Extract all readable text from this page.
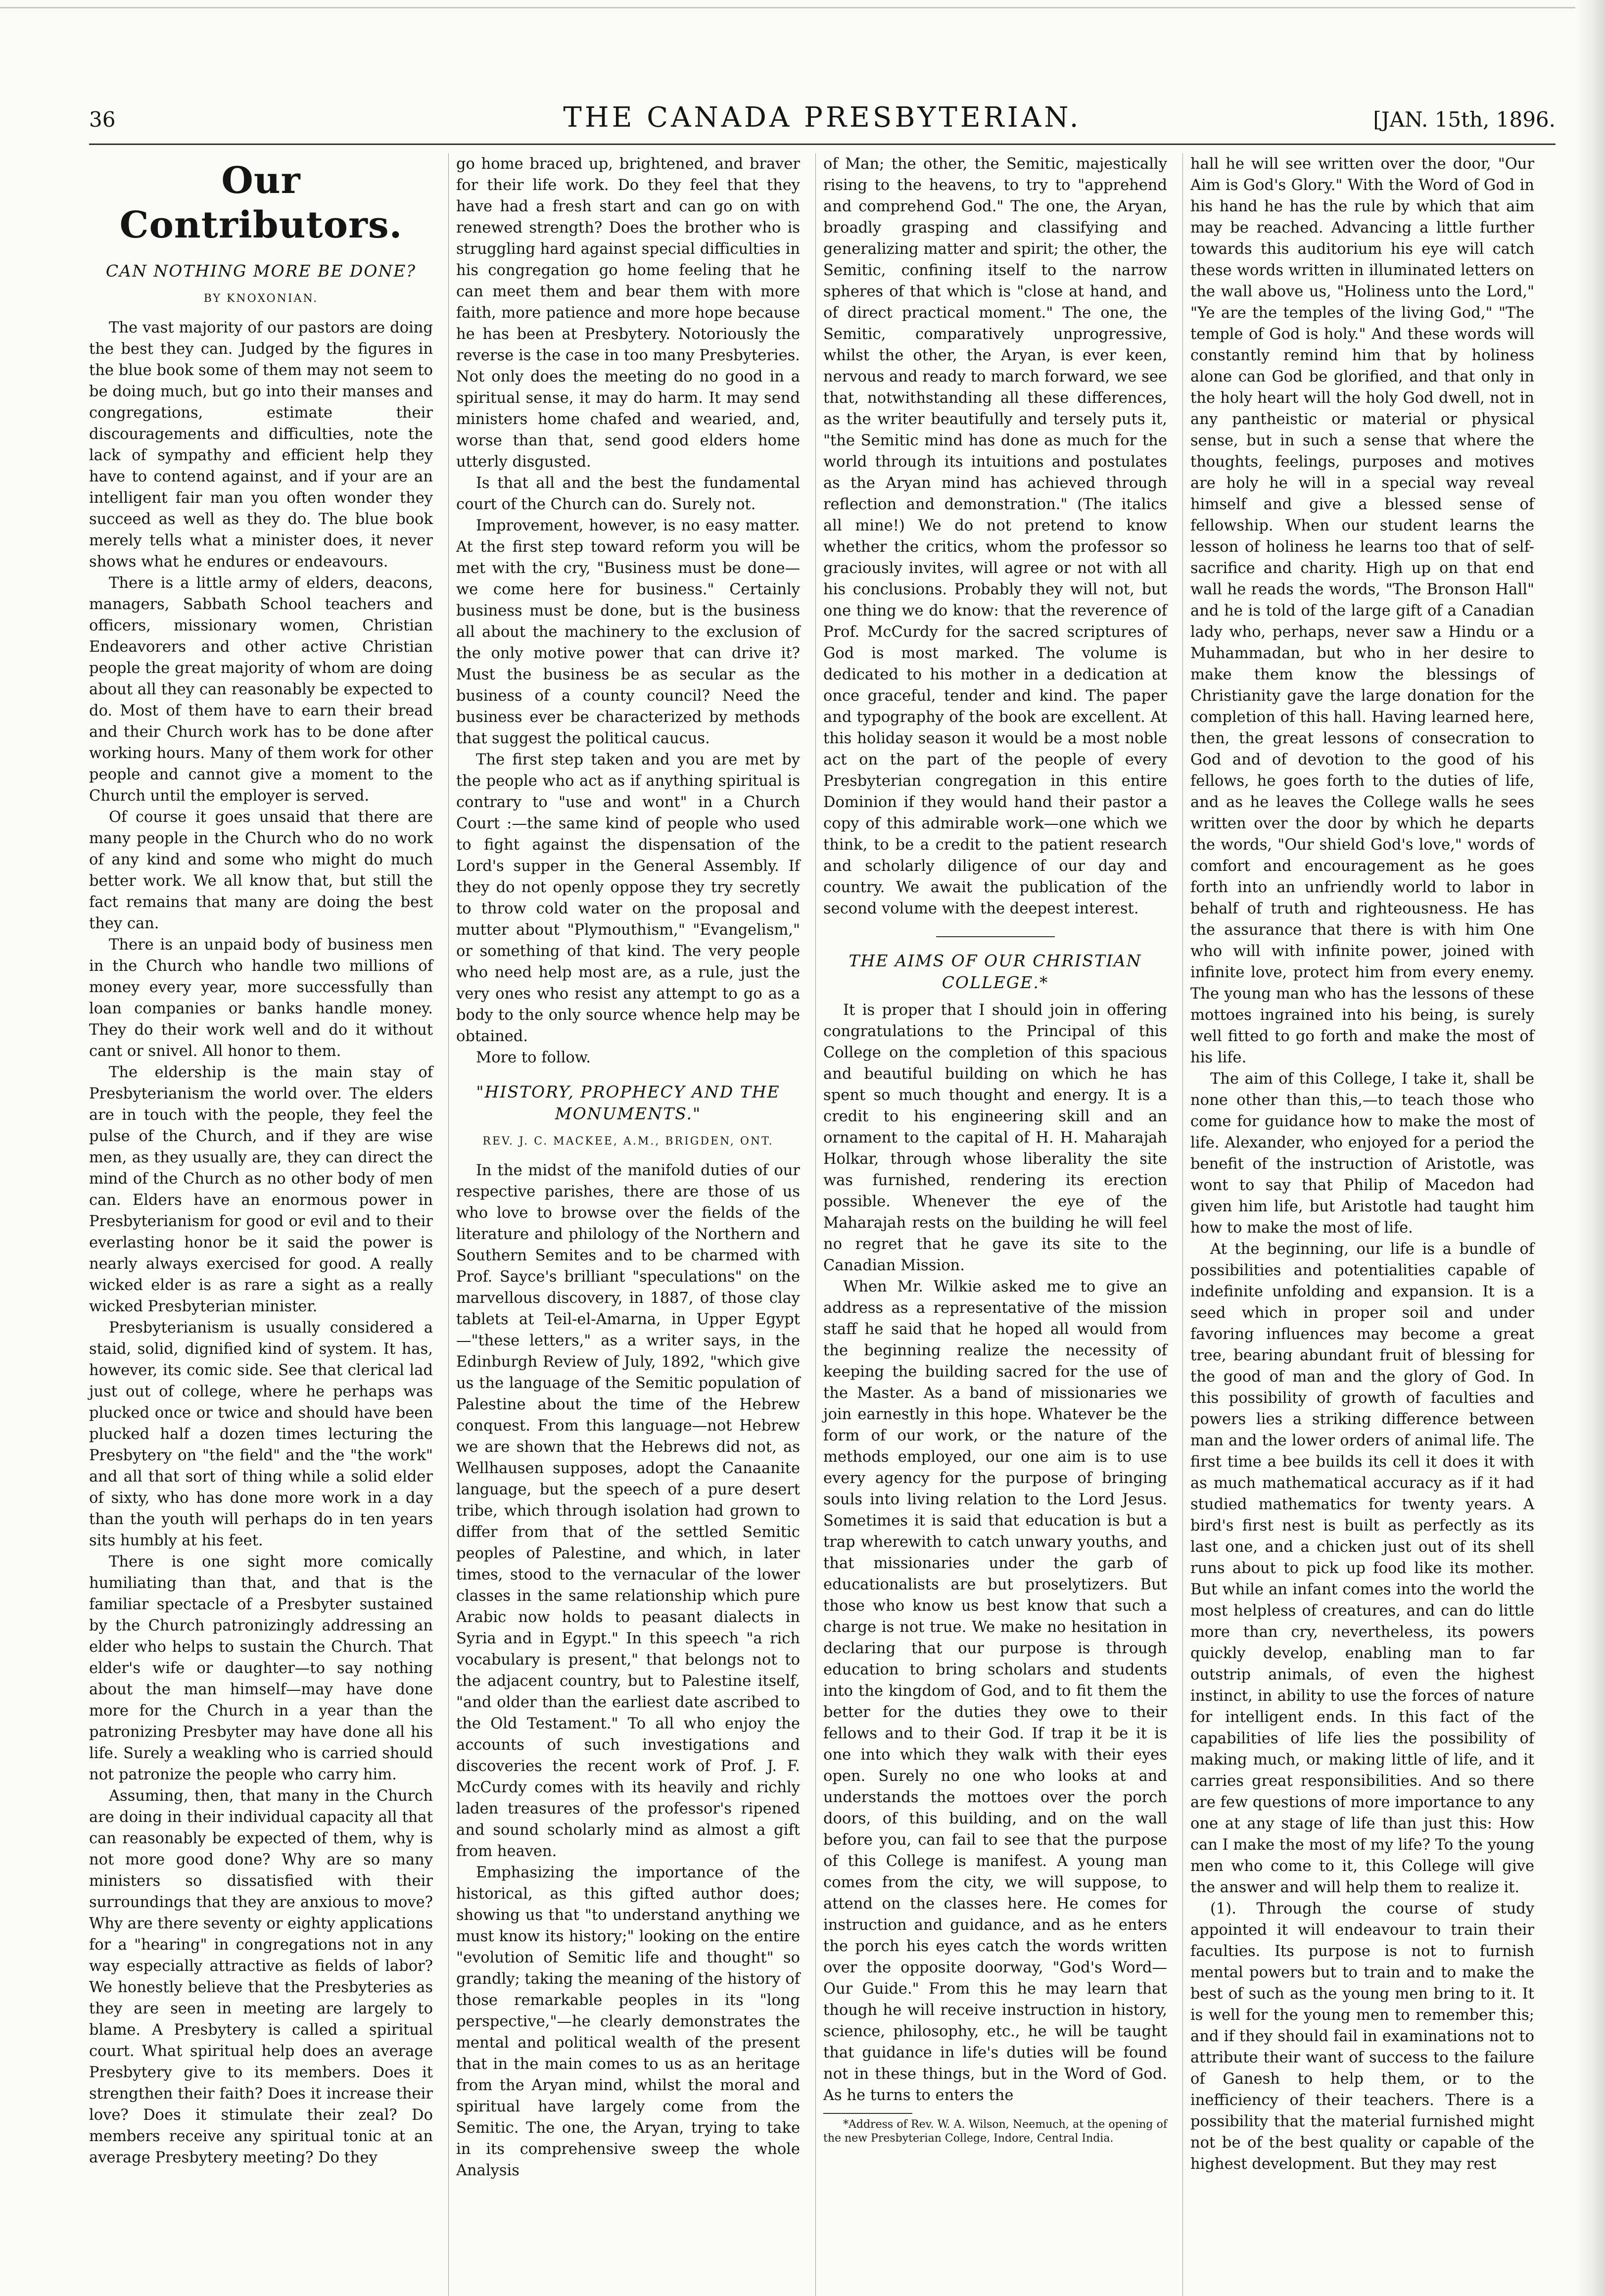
36	THE CANADA PRESBYTERIAN.	[JAN. 15th, 1896.
Our Contributors.
CAN NOTHING MORE BE DONE?
BY KNOXONIAN.

The vast majority of our pastors are doing the best they can. Judged by the figures in the blue book some of them may not seem to be doing much, but go into their manses and congregations, estimate their discouragements and difficulties, note the lack of sympathy and efficient help they have to contend against, and if your are an intelligent fair man you often wonder they succeed as well as they do. The blue book merely tells what a minister does, it never shows what he endures or endeavours.

There is a little army of elders, deacons, managers, Sabbath School teachers and officers, missionary women, Christian Endeavorers and other active Christian people the great majority of whom are doing about all they can reasonably be expected to do. Most of them have to earn their bread and their Church work has to be done after working hours. Many of them work for other people and cannot give a moment to the Church until the employer is served.

Of course it goes unsaid that there are many people in the Church who do no work of any kind and some who might do much better work. We all know that, but still the fact remains that many are doing the best they can.

There is an unpaid body of business men in the Church who handle two millions of money every year, more successfully than loan companies or banks handle money. They do their work well and do it without cant or snivel. All honor to them.

The eldership is the main stay of Presbyterianism the world over. The elders are in touch with the people, they feel the pulse of the Church, and if they are wise men, as they usually are, they can direct the mind of the Church as no other body of men can. Elders have an enormous power in Presbyterianism for good or evil and to their everlasting honor be it said the power is nearly always exercised for good. A really wicked elder is as rare a sight as a really wicked Presbyterian minister.

Presbyterianism is usually considered a staid, solid, dignified kind of system. It has, however, its comic side. See that clerical lad just out of college, where he perhaps was plucked once or twice and should have been plucked half a dozen times lecturing the Presbytery on "the field" and the "the work" and all that sort of thing while a solid elder of sixty, who has done more work in a day than the youth will perhaps do in ten years sits humbly at his feet.

There is one sight more comically humiliating than that, and that is the familiar spectacle of a Presbyter sustained by the Church patronizingly addressing an elder who helps to sustain the Church. That elder's wife or daughter—to say nothing about the man himself—may have done more for the Church in a year than the patronizing Presbyter may have done all his life. Surely a weakling who is carried should not patronize the people who carry him.

Assuming, then, that many in the Church are doing in their individual capacity all that can reasonably be expected of them, why is not more good done? Why are so many ministers so dissatisfied with their surroundings that they are anxious to move? Why are there seventy or eighty applications for a "hearing" in congregations not in any way especially attractive as fields of labor? We honestly believe that the Presbyteries as they are seen in meeting are largely to blame. A Presbytery is called a spiritual court. What spiritual help does an average Presbytery give to its members. Does it strengthen their faith? Does it increase their love? Does it stimulate their zeal? Do members receive any spiritual tonic at an average Presbytery meeting? Do they

go home braced up, brightened, and braver for their life work. Do they feel that they have had a fresh start and can go on with renewed strength? Does the brother who is struggling hard against special difficulties in his congregation go home feeling that he can meet them and bear them with more faith, more patience and more hope because he has been at Presbytery. Notoriously the reverse is the case in too many Presbyteries. Not only does the meeting do no good in a spiritual sense, it may do harm. It may send ministers home chafed and wearied, and, worse than that, send good elders home utterly disgusted.

Is that all and the best the fundamental court of the Church can do. Surely not.

Improvement, however, is no easy matter. At the first step toward reform you will be met with the cry, "Business must be done—we come here for business." Certainly business must be done, but is the business all about the machinery to the exclusion of the only motive power that can drive it? Must the business be as secular as the business of a county council? Need the business ever be characterized by methods that suggest the political caucus.

The first step taken and you are met by the people who act as if anything spiritual is contrary to "use and wont" in a Church Court :—the same kind of people who used to fight against the dispensation of the Lord's supper in the General Assembly. If they do not openly oppose they try secretly to throw cold water on the proposal and mutter about "Plymouthism," "Evangelism," or something of that kind. The very people who need help most are, as a rule, just the very ones who resist any attempt to go as a body to the only source whence help may be obtained.

More to follow.

"HISTORY, PROPHECY AND THE MONUMENTS."
REV. J. C. MACKEE, A.M., BRIGDEN, ONT.

In the midst of the manifold duties of our respective parishes, there are those of us who love to browse over the fields of the literature and philology of the Northern and Southern Semites and to be charmed with Prof. Sayce's brilliant "speculations" on the marvellous discovery, in 1887, of those clay tablets at Teil-el-Amarna, in Upper Egypt—"these letters," as a writer says, in the Edinburgh Review of July, 1892, "which give us the language of the Semitic population of Palestine about the time of the Hebrew conquest. From this language—not Hebrew we are shown that the Hebrews did not, as Wellhausen supposes, adopt the Canaanite language, but the speech of a pure desert tribe, which through isolation had grown to differ from that of the settled Semitic peoples of Palestine, and which, in later times, stood to the vernacular of the lower classes in the same relationship which pure Arabic now holds to peasant dialects in Syria and in Egypt." In this speech "a rich vocabulary is present," that belongs not to the adjacent country, but to Palestine itself, "and older than the earliest date ascribed to the Old Testament." To all who enjoy the accounts of such investigations and discoveries the recent work of Prof. J. F. McCurdy comes with its heavily and richly laden treasures of the professor's ripened and sound scholarly mind as almost a gift from heaven.

Emphasizing the importance of the historical, as this gifted author does; showing us that "to understand anything we must know its history;" looking on the entire "evolution of Semitic life and thought" so grandly; taking the meaning of the history of those remarkable peoples in its "long perspective,"—he clearly demonstrates the mental and political wealth of the present that in the main comes to us as an heritage from the Aryan mind, whilst the moral and spiritual have largely come from the Semitic. The one, the Aryan, trying to take in its comprehensive sweep the whole Analysis

of Man; the other, the Semitic, majestically rising to the heavens, to try to "apprehend and comprehend God." The one, the Aryan, broadly grasping and classifying and generalizing matter and spirit; the other, the Semitic, confining itself to the narrow spheres of that which is "close at hand, and of direct practical moment." The one, the Semitic, comparatively unprogressive, whilst the other, the Aryan, is ever keen, nervous and ready to march forward, we see that, notwithstanding all these differences, as the writer beautifully and tersely puts it, "the Semitic mind has done as much for the world through its intuitions and postulates as the Aryan mind has achieved through reflection and demonstration." (The italics all mine!) We do not pretend to know whether the critics, whom the professor so graciously invites, will agree or not with all his conclusions. Probably they will not, but one thing we do know: that the reverence of Prof. McCurdy for the sacred scriptures of God is most marked. The volume is dedicated to his mother in a dedication at once graceful, tender and kind. The paper and typography of the book are excellent. At this holiday season it would be a most noble act on the part of the people of every Presbyterian congregation in this entire Dominion if they would hand their pastor a copy of this admirable work—one which we think, to be a credit to the patient research and scholarly diligence of our day and country. We await the publication of the second volume with the deepest interest.

THE AIMS OF OUR CHRISTIAN COLLEGE.*

It is proper that I should join in offering congratulations to the Principal of this College on the completion of this spacious and beautiful building on which he has spent so much thought and energy. It is a credit to his engineering skill and an ornament to the capital of H. H. Maharajah Holkar, through whose liberality the site was furnished, rendering its erection possible. Whenever the eye of the Maharajah rests on the building he will feel no regret that he gave its site to the Canadian Mission.

When Mr. Wilkie asked me to give an address as a representative of the mission staff he said that he hoped all would from the beginning realize the necessity of keeping the building sacred for the use of the Master. As a band of missionaries we join earnestly in this hope. Whatever be the form of our work, or the nature of the methods employed, our one aim is to use every agency for the purpose of bringing souls into living relation to the Lord Jesus. Sometimes it is said that education is but a trap wherewith to catch unwary youths, and that missionaries under the garb of educationalists are but proselytizers. But those who know us best know that such a charge is not true. We make no hesitation in declaring that our purpose is through education to bring scholars and students into the kingdom of God, and to fit them the better for the duties they owe to their fellows and to their God. If trap it be it is one into which they walk with their eyes open. Surely no one who looks at and understands the mottoes over the porch doors, of this building, and on the wall before you, can fail to see that the purpose of this College is manifest. A young man comes from the city, we will suppose, to attend on the classes here. He comes for instruction and guidance, and as he enters the porch his eyes catch the words written over the opposite doorway, "God's Word—Our Guide." From this he may learn that though he will receive instruction in history, science, philosophy, etc., he will be taught that guidance in life's duties will be found not in these things, but in the Word of God. As he turns to enters the

*Address of Rev. W. A. Wilson, Neemuch, at the opening of the new Presbyterian College, Indore, Central India.

hall he will see written over the door, "Our Aim is God's Glory." With the Word of God in his hand he has the rule by which that aim may be reached. Advancing a little further towards this auditorium his eye will catch these words written in illuminated letters on the wall above us, "Holiness unto the Lord," "Ye are the temples of the living God," "The temple of God is holy." And these words will constantly remind him that by holiness alone can God be glorified, and that only in the holy heart will the holy God dwell, not in any pantheistic or material or physical sense, but in such a sense that where the thoughts, feelings, purposes and motives are holy he will in a special way reveal himself and give a blessed sense of fellowship. When our student learns the lesson of holiness he learns too that of self-sacrifice and charity. High up on that end wall he reads the words, "The Bronson Hall" and he is told of the large gift of a Canadian lady who, perhaps, never saw a Hindu or a Muhammadan, but who in her desire to make them know the blessings of Christianity gave the large donation for the completion of this hall. Having learned here, then, the great lessons of consecration to God and of devotion to the good of his fellows, he goes forth to the duties of life, and as he leaves the College walls he sees written over the door by which he departs the words, "Our shield God's love," words of comfort and encouragement as he goes forth into an unfriendly world to labor in behalf of truth and righteousness. He has the assurance that there is with him One who will with infinite power, joined with infinite love, protect him from every enemy. The young man who has the lessons of these mottoes ingrained into his being, is surely well fitted to go forth and make the most of his life.

The aim of this College, I take it, shall be none other than this,—to teach those who come for guidance how to make the most of life. Alexander, who enjoyed for a period the benefit of the instruction of Aristotle, was wont to say that Philip of Macedon had given him life, but Aristotle had taught him how to make the most of life.

At the beginning, our life is a bundle of possibilities and potentialities capable of indefinite unfolding and expansion. It is a seed which in proper soil and under favoring influences may become a great tree, bearing abundant fruit of blessing for the good of man and the glory of God. In this possibility of growth of faculties and powers lies a striking difference between man and the lower orders of animal life. The first time a bee builds its cell it does it with as much mathematical accuracy as if it had studied mathematics for twenty years. A bird's first nest is built as perfectly as its last one, and a chicken just out of its shell runs about to pick up food like its mother. But while an infant comes into the world the most helpless of creatures, and can do little more than cry, nevertheless, its powers quickly develop, enabling man to far outstrip animals, of even the highest instinct, in ability to use the forces of nature for intelligent ends. In this fact of the capabilities of life lies the possibility of making much, or making little of life, and it carries great responsibilities. And so there are few questions of more importance to any one at any stage of life than just this: How can I make the most of my life? To the young men who come to it, this College will give the answer and will help them to realize it.

(1). Through the course of study appointed it will endeavour to train their faculties. Its purpose is not to furnish mental powers but to train and to make the best of such as the young men bring to it. It is well for the young men to remember this; and if they should fail in examinations not to attribute their want of success to the failure of Ganesh to help them, or to the inefficiency of their teachers. There is a possibility that the material furnished might not be of the best quality or capable of the highest development. But they may rest
